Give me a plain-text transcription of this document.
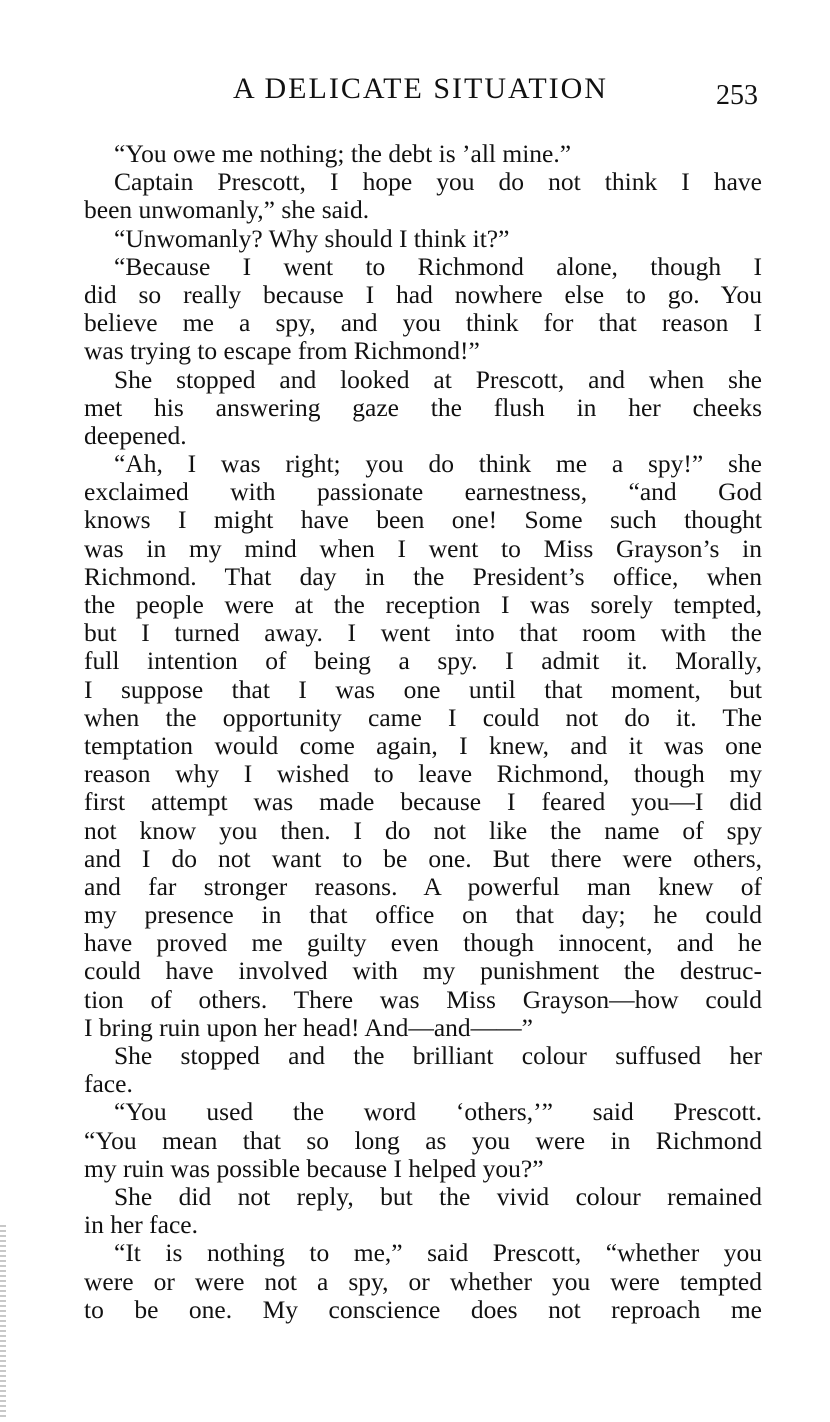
A DELICATE SITUATION	253
“You owe me nothing; the debt is ’all mine.”
Captain Prescott, I hope you do not think I have
been unwomanly,” she said.
“Unwomanly? Why should I think it?”
“Because I went to Richmond alone, though I
did so really because I had nowhere else to go. You
believe me a spy, and you think for that reason I
was trying to escape from Richmond!”
She stopped and looked at Prescott, and when she
met his answering gaze the flush in her cheeks
deepened.
“Ah, I was right; you do think me a spy!” she
exclaimed with passionate earnestness, “and God
knows I might have been one! Some such thought
was in my mind when I went to Miss Grayson’s in
Richmond. That day in the President’s office, when
the people were at the reception I was sorely tempted,
but I turned away. I went into that room with the
full intention of being a spy. I admit it. Morally,
I suppose that I was one until that moment, but
when the opportunity came I could not do it. The
temptation would come again, I knew, and it was one
reason why I wished to leave Richmond, though my
first attempt was made because I feared you—I did
not know you then. I do not like the name of spy
and I do not want to be one. But there were others,
and far stronger reasons. A powerful man knew of
my presence in that office on that day; he could
have proved me guilty even though innocent, and he
could have involved with my punishment the destruc-
tion of others. There was Miss Grayson—how could
I bring ruin upon her head! And—and——”
She stopped and the brilliant colour suffused her
face.
“You used the word ‘others,’” said Prescott.
“You mean that so long as you were in Richmond
my ruin was possible because I helped you?”
She did not reply, but the vivid colour remained
in her face.
“It is nothing to me,” said Prescott, “whether you
were or were not a spy, or whether you were tempted
to be one. My conscience does not reproach me
